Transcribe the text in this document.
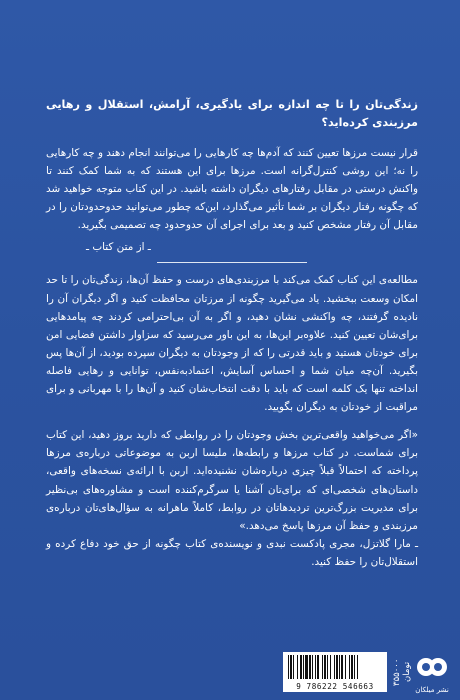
زندگی‌تان را تا چه اندازه برای یادگیری، آرامش، استقلال و رهایی مرزبندی کرده‌اید؟

قرار نیست مرزها تعیین کنند که آدم‌ها چه کارهایی را می‌توانند انجام دهند و چه کارهایی را نه؛ این روشی کنترل‌گرانه است. مرزها برای این هستند که به شما کمک کنند تا واکنش درستی در مقابل رفتارهای دیگران داشته باشید. در این کتاب متوجه خواهید شد که چگونه رفتار دیگران بر شما تأثیر می‌گذارد، این‌که چطور می‌توانید حدوحدودتان را در مقابل آن رفتار مشخص کنید و بعد برای اجرای آن حدوحدود چه تصمیمی بگیرید.

ـ از متن کتاب ـ

مطالعه‌ی این کتاب کمک می‌کند با مرزبندی‌های درست و حفظ آن‌ها، زندگی‌تان را تا حد امکان وسعت ببخشید. یاد می‌گیرید چگونه از مرزتان محافظت کنید و اگر دیگران آن را نادیده گرفتند، چه واکنشی نشان دهید، و اگر به آن بی‌احترامی کردند چه پیامدهایی برای‌شان تعیین کنید. علاوه‌بر این‌ها، به این باور می‌رسید که سزاوار داشتن فضایی امن برای خودتان هستید و باید قدرتی را که از وجودتان به دیگران سپرده بودید، از آن‌ها پس بگیرید. آن‌چه میان شما و احساس آسایش، اعتمادبه‌نفس، توانایی و رهایی فاصله انداخته تنها یک کلمه است که باید با دقت انتخاب‌شان کنید و آن‌ها را با مهربانی و برای مراقبت از خودتان به دیگران بگویید.

«اگر می‌خواهید واقعی‌ترین بخش وجودتان را در روابطی که دارید بروز دهید، این کتاب برای شماست. در کتاب مرزها و رابطه‌ها، ملیسا اربن به موضوعاتی درباره‌ی مرزها پرداخته که احتمالاً قبلاً چیزی درباره‌شان نشنیده‌اید. اربن با ارائه‌ی نسخه‌های واقعی، داستان‌های شخصی‌ای که برای‌تان آشنا یا سرگرم‌کننده است و مشاوره‌های بی‌نظیر برای مدیریت بزرگ‌ترین تردیدهاتان در روابط، کاملاً ماهرانه به سؤال‌های‌تان درباره‌ی مرزبندی و حفظ آن مرزها پاسخ می‌دهد.»

ـ مارا گلاتزل، مجری پادکست نبدی و نویسنده‌ی کتاب چگونه از حق خود دفاع کرده و استقلال‌تان را حفظ کنید.

9 786222 546663
۳۵۵۰۰۰ تومان
نشر میلکان
